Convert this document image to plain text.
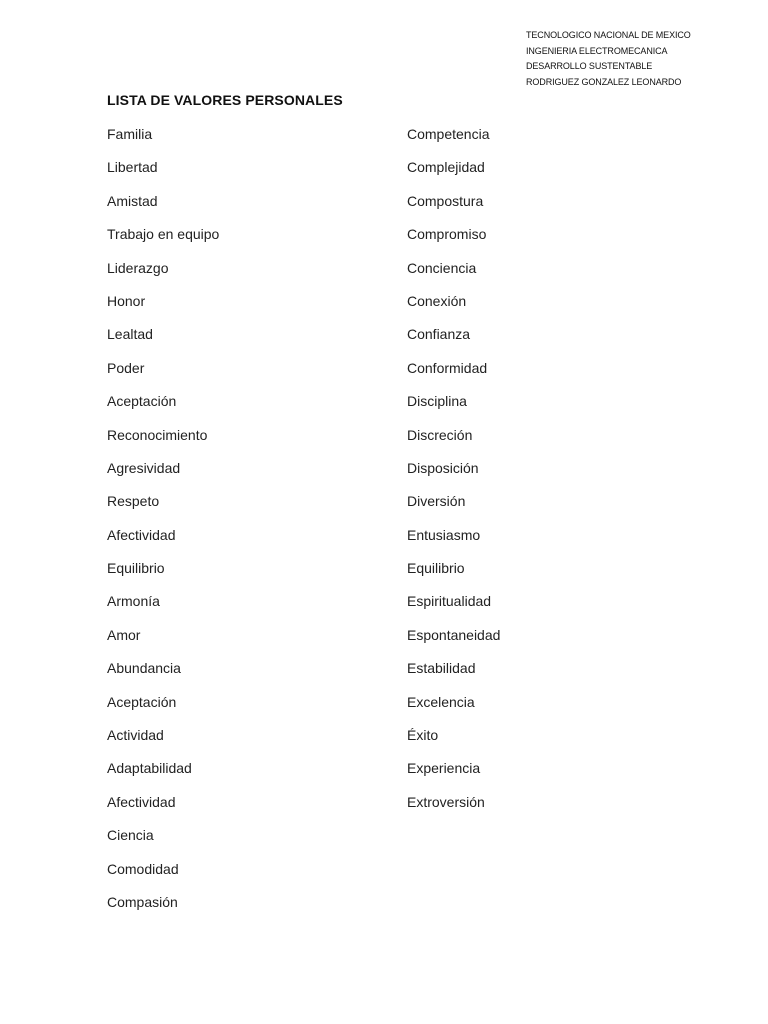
TECNOLOGICO NACIONAL DE MEXICO
INGENIERIA ELECTROMECANICA
DESARROLLO SUSTENTABLE
RODRIGUEZ GONZALEZ LEONARDO
LISTA DE VALORES PERSONALES
Familia
Libertad
Amistad
Trabajo en equipo
Liderazgo
Honor
Lealtad
Poder
Aceptación
Reconocimiento
Agresividad
Respeto
Afectividad
Equilibrio
Armonía
Amor
Abundancia
Aceptación
Actividad
Adaptabilidad
Afectividad
Ciencia
Comodidad
Compasión
Competencia
Complejidad
Compostura
Compromiso
Conciencia
Conexión
Confianza
Conformidad
Disciplina
Discreción
Disposición
Diversión
Entusiasmo
Equilibrio
Espiritualidad
Espontaneidad
Estabilidad
Excelencia
Éxito
Experiencia
Extroversión
